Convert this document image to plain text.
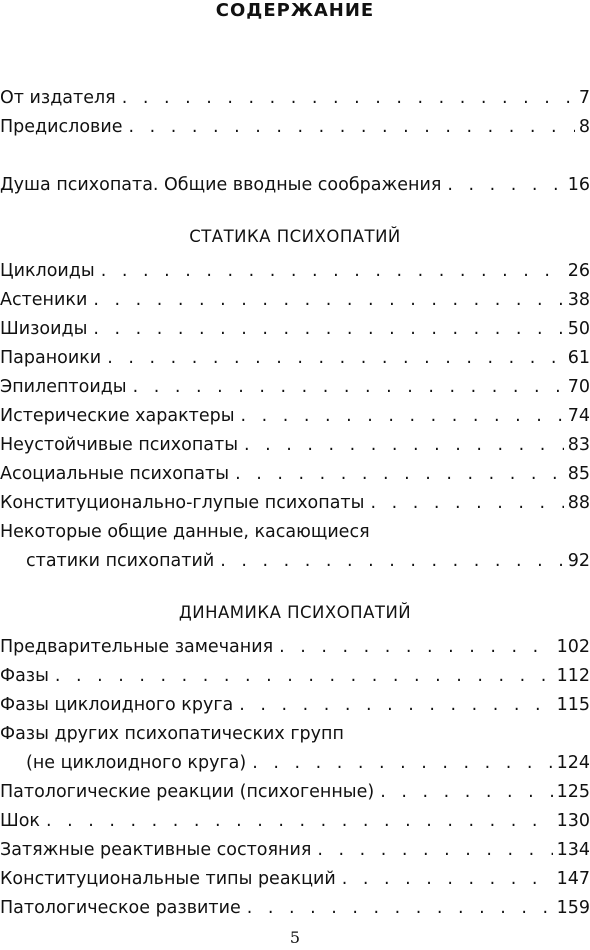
СОДЕРЖАНИЕ
От издателя . . .	7
Предисловие . . .	8
Душа психопата. Общие вводные соображения . . .	16
СТАТИКА ПСИХОПАТИЙ
Циклоиды . . .	26
Астеники . . .	38
Шизоиды . . .	50
Параноики . . .	61
Эпилептоиды . . .	70
Истерические характеры . . .	74
Неустойчивые психопаты . . .	83
Асоциальные психопаты . . .	85
Конституционально-глупые психопаты . . .	88
Некоторые общие данные, касающиеся
статики психопатий . . .	92
ДИНАМИКА ПСИХОПАТИЙ
Предварительные замечания . . .	102
Фазы . . .	112
Фазы циклоидного круга . . .	115
Фазы других психопатических групп
(не циклоидного круга) . . .	124
Патологические реакции (психогенные) . . .	125
Шок . . .	130
Затяжные реактивные состояния . . .	134
Конституциональные типы реакций . . .	147
Патологическое развитие . . .	159
5
